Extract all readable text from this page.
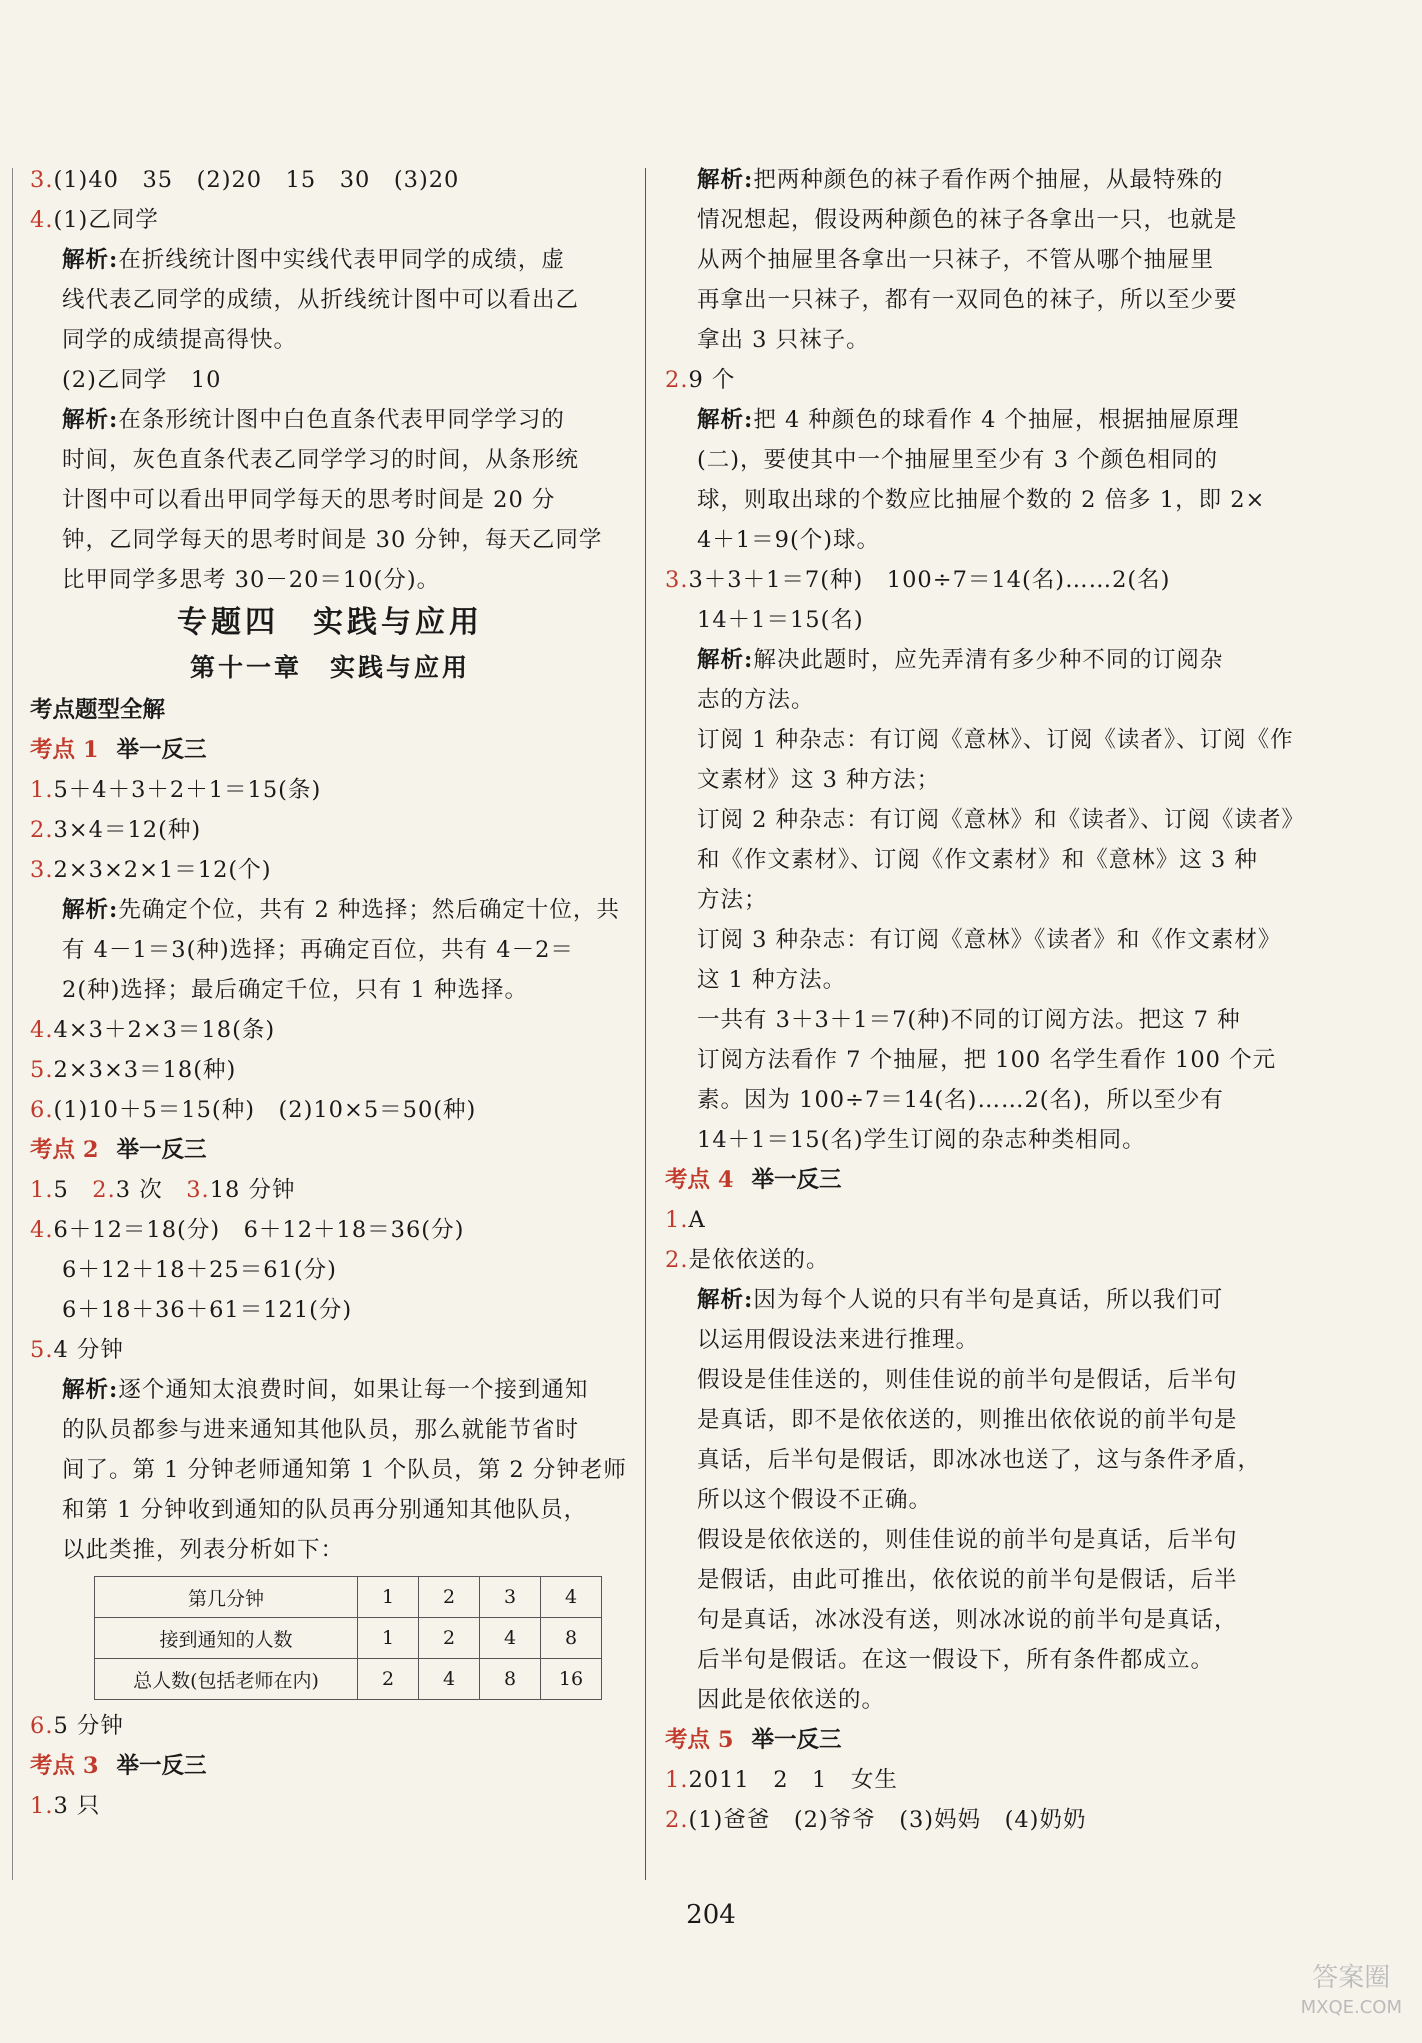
3.(1)40　35　(2)20　15　30　(3)20
4.(1)乙同学
解析:在折线统计图中实线代表甲同学的成绩，虚
线代表乙同学的成绩，从折线统计图中可以看出乙
同学的成绩提高得快。
(2)乙同学　10
解析:在条形统计图中白色直条代表甲同学学习的
时间，灰色直条代表乙同学学习的时间，从条形统
计图中可以看出甲同学每天的思考时间是 20 分
钟，乙同学每天的思考时间是 30 分钟，每天乙同学
比甲同学多思考 30－20＝10(分)。
专题四　实践与应用
第十一章　实践与应用
考点题型全解
考点 1 举一反三
1.5＋4＋3＋2＋1＝15(条)
2.3×4＝12(种)
3.2×3×2×1＝12(个)
解析:先确定个位，共有 2 种选择；然后确定十位，共
有 4－1＝3(种)选择；再确定百位，共有 4－2＝
2(种)选择；最后确定千位，只有 1 种选择。
4.4×3＋2×3＝18(条)
5.2×3×3＝18(种)
6.(1)10＋5＝15(种)　(2)10×5＝50(种)
考点 2 举一反三
1.5　2.3 次　3.18 分钟
4.6＋12＝18(分)　6＋12＋18＝36(分)
6＋12＋18＋25＝61(分)
6＋18＋36＋61＝121(分)
5.4 分钟
解析:逐个通知太浪费时间，如果让每一个接到通知
的队员都参与进来通知其他队员，那么就能节省时
间了。第 1 分钟老师通知第 1 个队员，第 2 分钟老师
和第 1 分钟收到通知的队员再分别通知其他队员，
以此类推，列表分析如下：
第几分钟	1	2	3	4
接到通知的人数	1	2	4	8
总人数(包括老师在内)	2	4	8	16
6.5 分钟
考点 3 举一反三
1.3 只
解析:把两种颜色的袜子看作两个抽屉，从最特殊的
情况想起，假设两种颜色的袜子各拿出一只，也就是
从两个抽屉里各拿出一只袜子，不管从哪个抽屉里
再拿出一只袜子，都有一双同色的袜子，所以至少要
拿出 3 只袜子。
2.9 个
解析:把 4 种颜色的球看作 4 个抽屉，根据抽屉原理
(二)，要使其中一个抽屉里至少有 3 个颜色相同的
球，则取出球的个数应比抽屉个数的 2 倍多 1，即 2×
4＋1＝9(个)球。
3.3＋3＋1＝7(种)　100÷7＝14(名)……2(名)
14＋1＝15(名)
解析:解决此题时，应先弄清有多少种不同的订阅杂
志的方法。
订阅 1 种杂志：有订阅《意林》、订阅《读者》、订阅《作
文素材》这 3 种方法；
订阅 2 种杂志：有订阅《意林》和《读者》、订阅《读者》
和《作文素材》、订阅《作文素材》和《意林》这 3 种
方法；
订阅 3 种杂志：有订阅《意林》《读者》和《作文素材》
这 1 种方法。
一共有 3＋3＋1＝7(种)不同的订阅方法。把这 7 种
订阅方法看作 7 个抽屉，把 100 名学生看作 100 个元
素。因为 100÷7＝14(名)……2(名)，所以至少有
14＋1＝15(名)学生订阅的杂志种类相同。
考点 4 举一反三
1.A
2.是依依送的。
解析:因为每个人说的只有半句是真话，所以我们可
以运用假设法来进行推理。
假设是佳佳送的，则佳佳说的前半句是假话，后半句
是真话，即不是依依送的，则推出依依说的前半句是
真话，后半句是假话，即冰冰也送了，这与条件矛盾，
所以这个假设不正确。
假设是依依送的，则佳佳说的前半句是真话，后半句
是假话，由此可推出，依依说的前半句是假话，后半
句是真话，冰冰没有送，则冰冰说的前半句是真话，
后半句是假话。在这一假设下，所有条件都成立。
因此是依依送的。
考点 5 举一反三
1.2011　2　1　女生
2.(1)爸爸　(2)爷爷　(3)妈妈　(4)奶奶
204
答案圈
MXQE.COM
